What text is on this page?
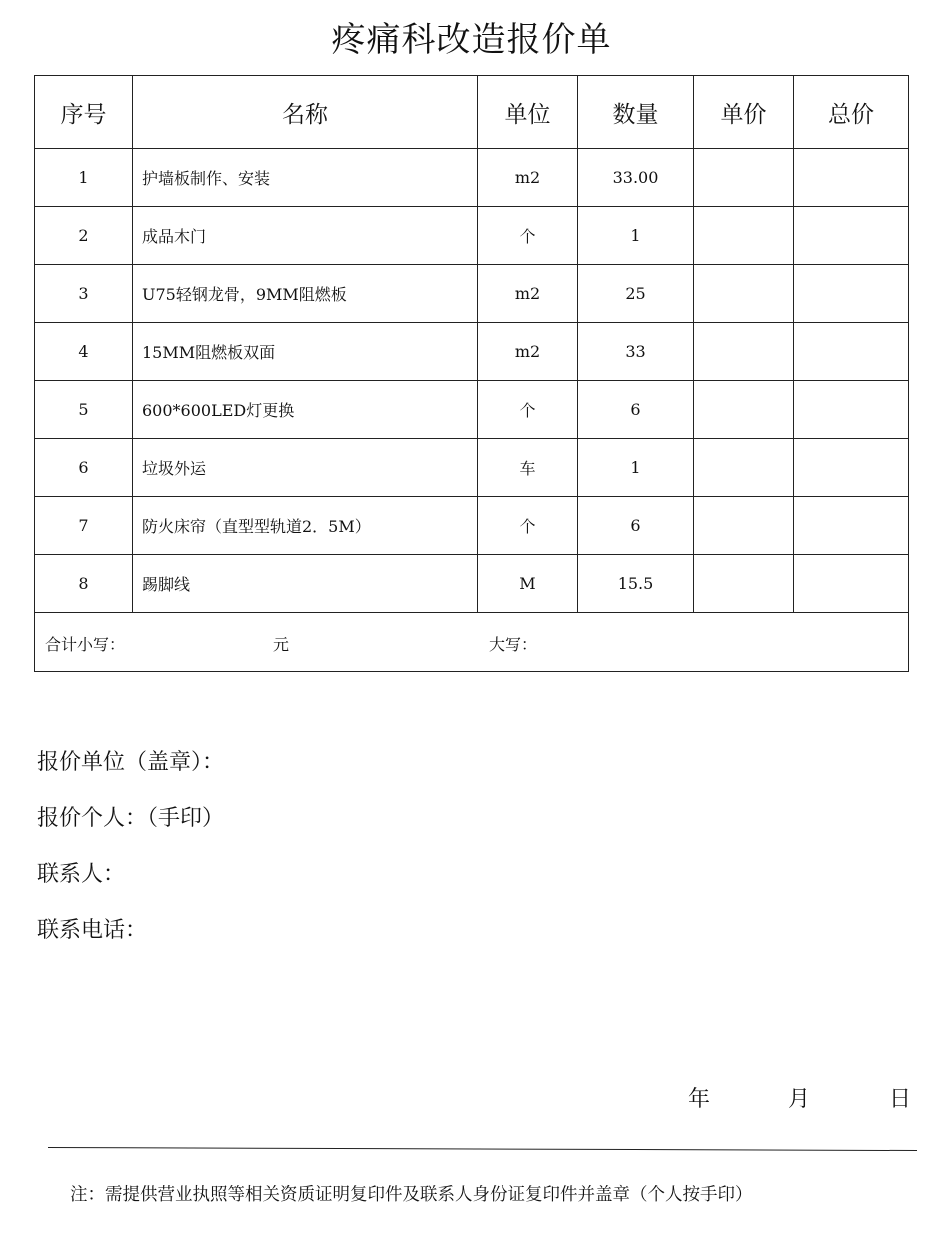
疼痛科改造报价单
序号	名称	单位	数量	单价	总价
1	护墙板制作、安装	m2	33.00		
2	成品木门	个	1		
3	U75轻钢龙骨，9MM阻燃板	m2	25		
4	15MM阻燃板双面	m2	33		
5	600*600LED灯更换	个	6		
6	垃圾外运	车	1		
7	防火床帘（直型型轨道2．5M）	个	6		
8	踢脚线	M	15.5		

合计小写： 元 大写：					
报价单位（盖章）：
报价个人：（手印）
联系人：
联系电话：
年	月	日
注：需提供营业执照等相关资质证明复印件及联系人身份证复印件并盖章（个人按手印）
